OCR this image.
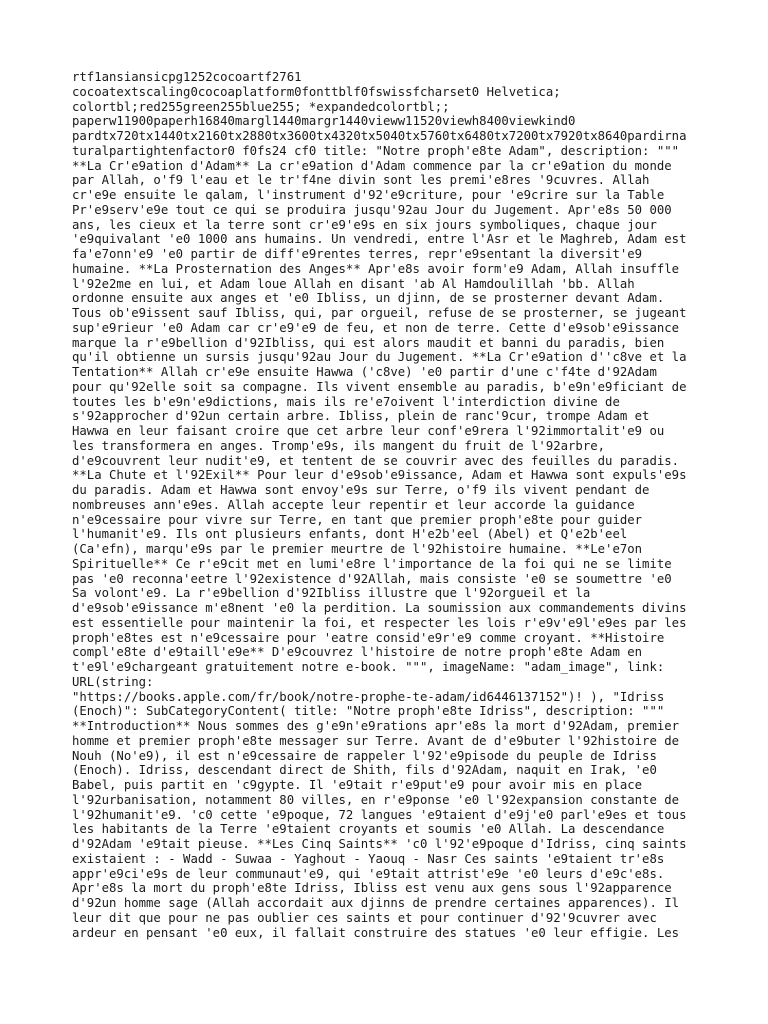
rtf1ansiansicpg1252cocoartf2761
cocoatextscaling0cocoaplatform0fonttblf0fswissfcharset0 Helvetica;
colortbl;red255green255blue255; *expandedcolortbl;;
paperw11900paperh16840margl1440margr1440vieww11520viewh8400viewkind0
pardtx720tx1440tx2160tx2880tx3600tx4320tx5040tx5760tx6480tx7200tx7920tx8640pardirna
turalpartightenfactor0 f0fs24 cf0 title: "Notre proph'e8te Adam", description: """
**La Cr'e9ation d'Adam** La cr'e9ation d'Adam commence par la cr'e9ation du monde
par Allah, o'f9 l'eau et le tr'f4ne divin sont les premi'e8res '9cuvres. Allah
cr'e9e ensuite le qalam, l'instrument d'92'e9criture, pour 'e9crire sur la Table
Pr'e9serv'e9e tout ce qui se produira jusqu'92au Jour du Jugement. Apr'e8s 50 000
ans, les cieux et la terre sont cr'e9'e9s en six jours symboliques, chaque jour
'e9quivalant 'e0 1000 ans humains. Un vendredi, entre l'Asr et le Maghreb, Adam est
fa'e7onn'e9 'e0 partir de diff'e9rentes terres, repr'e9sentant la diversit'e9
humaine. **La Prosternation des Anges** Apr'e8s avoir form'e9 Adam, Allah insuffle
l'92e2me en lui, et Adam loue Allah en disant 'ab Al Hamdoulillah 'bb. Allah
ordonne ensuite aux anges et 'e0 Ibliss, un djinn, de se prosterner devant Adam.
Tous ob'e9issent sauf Ibliss, qui, par orgueil, refuse de se prosterner, se jugeant
sup'e9rieur 'e0 Adam car cr'e9'e9 de feu, et non de terre. Cette d'e9sob'e9issance
marque la r'e9bellion d'92Ibliss, qui est alors maudit et banni du paradis, bien
qu'il obtienne un sursis jusqu'92au Jour du Jugement. **La Cr'e9ation d''c8ve et la
Tentation** Allah cr'e9e ensuite Hawwa ('c8ve) 'e0 partir d'une c'f4te d'92Adam
pour qu'92elle soit sa compagne. Ils vivent ensemble au paradis, b'e9n'e9ficiant de
toutes les b'e9n'e9dictions, mais ils re'e7oivent l'interdiction divine de
s'92approcher d'92un certain arbre. Ibliss, plein de ranc'9cur, trompe Adam et
Hawwa en leur faisant croire que cet arbre leur conf'e9rera l'92immortalit'e9 ou
les transformera en anges. Tromp'e9s, ils mangent du fruit de l'92arbre,
d'e9couvrent leur nudit'e9, et tentent de se couvrir avec des feuilles du paradis.
**La Chute et l'92Exil** Pour leur d'e9sob'e9issance, Adam et Hawwa sont expuls'e9s
du paradis. Adam et Hawwa sont envoy'e9s sur Terre, o'f9 ils vivent pendant de
nombreuses ann'e9es. Allah accepte leur repentir et leur accorde la guidance
n'e9cessaire pour vivre sur Terre, en tant que premier proph'e8te pour guider
l'humanit'e9. Ils ont plusieurs enfants, dont H'e2b'eel (Abel) et Q'e2b'eel
(Ca'efn), marqu'e9s par le premier meurtre de l'92histoire humaine. **Le'e7on
Spirituelle** Ce r'e9cit met en lumi'e8re l'importance de la foi qui ne se limite
pas 'e0 reconna'eetre l'92existence d'92Allah, mais consiste 'e0 se soumettre 'e0
Sa volont'e9. La r'e9bellion d'92Ibliss illustre que l'92orgueil et la
d'e9sob'e9issance m'e8nent 'e0 la perdition. La soumission aux commandements divins
est essentielle pour maintenir la foi, et respecter les lois r'e9v'e9l'e9es par les
proph'e8tes est n'e9cessaire pour 'eatre consid'e9r'e9 comme croyant. **Histoire
compl'e8te d'e9taill'e9e** D'e9couvrez l'histoire de notre proph'e8te Adam en
t'e9l'e9chargeant gratuitement notre e-book. """, imageName: "adam_image", link:
URL(string:
"https://books.apple.com/fr/book/notre-prophe-te-adam/id6446137152")! ), "Idriss
(Enoch)": SubCategoryContent( title: "Notre proph'e8te Idriss", description: """
**Introduction** Nous sommes des g'e9n'e9rations apr'e8s la mort d'92Adam, premier
homme et premier proph'e8te messager sur Terre. Avant de d'e9buter l'92histoire de
Nouh (No'e9), il est n'e9cessaire de rappeler l'92'e9pisode du peuple de Idriss
(Enoch). Idriss, descendant direct de Shith, fils d'92Adam, naquit en Irak, 'e0
Babel, puis partit en 'c9gypte. Il 'e9tait r'e9put'e9 pour avoir mis en place
l'92urbanisation, notamment 80 villes, en r'e9ponse 'e0 l'92expansion constante de
l'92humanit'e9. 'c0 cette 'e9poque, 72 langues 'e9taient d'e9j'e0 parl'e9es et tous
les habitants de la Terre 'e9taient croyants et soumis 'e0 Allah. La descendance
d'92Adam 'e9tait pieuse. **Les Cinq Saints** 'c0 l'92'e9poque d'Idriss, cinq saints
existaient : - Wadd - Suwaa - Yaghout - Yaouq - Nasr Ces saints 'e9taient tr'e8s
appr'e9ci'e9s de leur communaut'e9, qui 'e9tait attrist'e9e 'e0 leurs d'e9c'e8s.
Apr'e8s la mort du proph'e8te Idriss, Ibliss est venu aux gens sous l'92apparence
d'92un homme sage (Allah accordait aux djinns de prendre certaines apparences). Il
leur dit que pour ne pas oublier ces saints et pour continuer d'92'9cuvrer avec
ardeur en pensant 'e0 eux, il fallait construire des statues 'e0 leur effigie. Les
